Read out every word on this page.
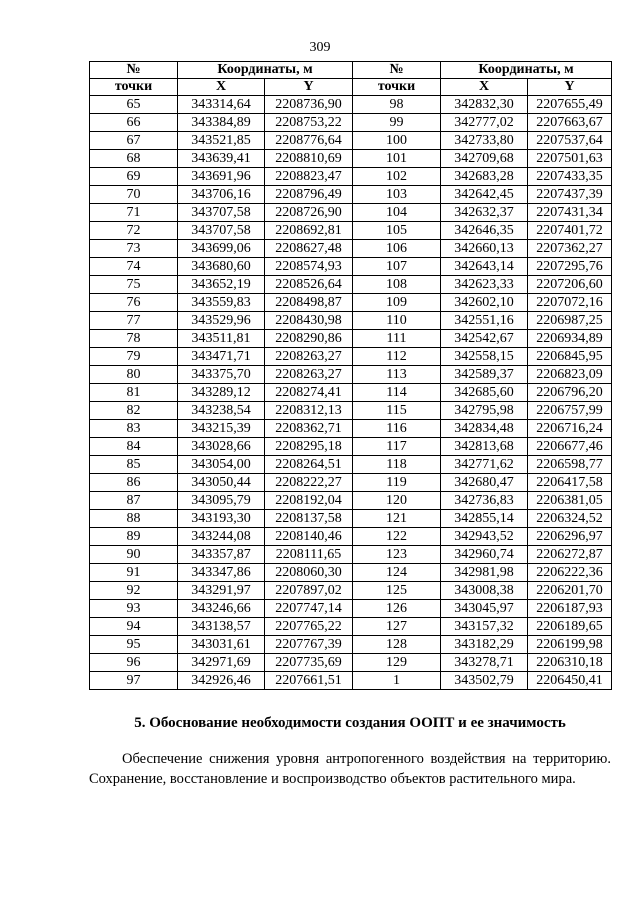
309
№	Координаты, м		№	Координаты, м	
точки	X	Y	точки	X	Y
65	343314,64	2208736,90	98	342832,30	2207655,49
66	343384,89	2208753,22	99	342777,02	2207663,67
67	343521,85	2208776,64	100	342733,80	2207537,64
68	343639,41	2208810,69	101	342709,68	2207501,63
69	343691,96	2208823,47	102	342683,28	2207433,35
70	343706,16	2208796,49	103	342642,45	2207437,39
71	343707,58	2208726,90	104	342632,37	2207431,34
72	343707,58	2208692,81	105	342646,35	2207401,72
73	343699,06	2208627,48	106	342660,13	2207362,27
74	343680,60	2208574,93	107	342643,14	2207295,76
75	343652,19	2208526,64	108	342623,33	2207206,60
76	343559,83	2208498,87	109	342602,10	2207072,16
77	343529,96	2208430,98	110	342551,16	2206987,25
78	343511,81	2208290,86	111	342542,67	2206934,89
79	343471,71	2208263,27	112	342558,15	2206845,95
80	343375,70	2208263,27	113	342589,37	2206823,09
81	343289,12	2208274,41	114	342685,60	2206796,20
82	343238,54	2208312,13	115	342795,98	2206757,99
83	343215,39	2208362,71	116	342834,48	2206716,24
84	343028,66	2208295,18	117	342813,68	2206677,46
85	343054,00	2208264,51	118	342771,62	2206598,77
86	343050,44	2208222,27	119	342680,47	2206417,58
87	343095,79	2208192,04	120	342736,83	2206381,05
88	343193,30	2208137,58	121	342855,14	2206324,52
89	343244,08	2208140,46	122	342943,52	2206296,97
90	343357,87	2208111,65	123	342960,74	2206272,87
91	343347,86	2208060,30	124	342981,98	2206222,36
92	343291,97	2207897,02	125	343008,38	2206201,70
93	343246,66	2207747,14	126	343045,97	2206187,93
94	343138,57	2207765,22	127	343157,32	2206189,65
95	343031,61	2207767,39	128	343182,29	2206199,98
96	342971,69	2207735,69	129	343278,71	2206310,18
97	342926,46	2207661,51	1	343502,79	2206450,41
5. Обоснование необходимости создания ООПТ и ее значимость
Обеспечение снижения уровня антропогенного воздействия на территорию. Сохранение, восстановление и воспроизводство объектов растительного мира.
